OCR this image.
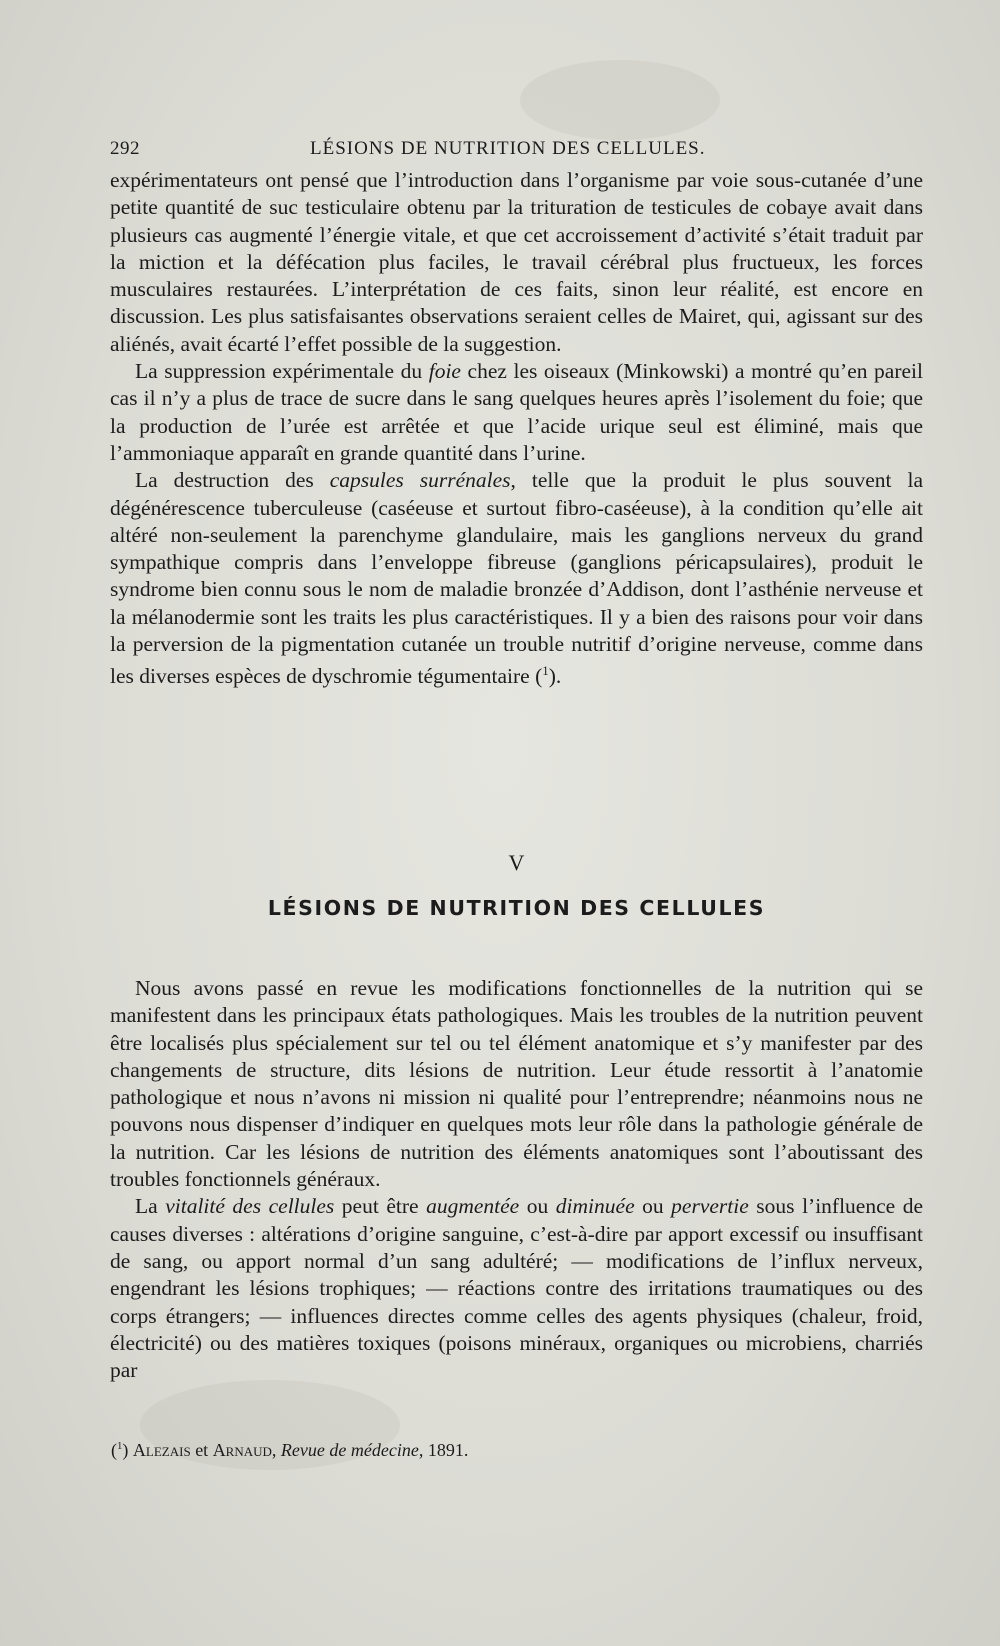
292	LÉSIONS DE NUTRITION DES CELLULES.

expérimentateurs ont pensé que l’introduction dans l’organisme par voie sous-cutanée d’une petite quantité de suc testiculaire obtenu par la trituration de testicules de cobaye avait dans plusieurs cas augmenté l’énergie vitale, et que cet accroissement d’activité s’était traduit par la miction et la défécation plus faciles, le travail cérébral plus fructueux, les forces musculaires restaurées. L’interprétation de ces faits, sinon leur réalité, est encore en discussion. Les plus satisfaisantes observations seraient celles de Mairet, qui, agissant sur des aliénés, avait écarté l’effet possible de la suggestion.

La suppression expérimentale du foie chez les oiseaux (Minkowski) a montré qu’en pareil cas il n’y a plus de trace de sucre dans le sang quelques heures après l’isolement du foie; que la production de l’urée est arrêtée et que l’acide urique seul est éliminé, mais que l’ammoniaque apparaît en grande quantité dans l’urine.

La destruction des capsules surrénales, telle que la produit le plus souvent la dégénérescence tuberculeuse (caséeuse et surtout fibro-caséeuse), à la condition qu’elle ait altéré non-seulement la parenchyme glandulaire, mais les ganglions nerveux du grand sympathique compris dans l’enveloppe fibreuse (ganglions péricapsulaires), produit le syndrome bien connu sous le nom de maladie bronzée d’Addison, dont l’asthénie nerveuse et la mélanodermie sont les traits les plus caractéristiques. Il y a bien des raisons pour voir dans la perversion de la pigmentation cutanée un trouble nutritif d’origine nerveuse, comme dans les diverses espèces de dyschromie tégumentaire ($^1$).

V
LÉSIONS DE NUTRITION DES CELLULES

Nous avons passé en revue les modifications fonctionnelles de la nutrition qui se manifestent dans les principaux états pathologiques. Mais les troubles de la nutrition peuvent être localisés plus spécialement sur tel ou tel élément anatomique et s’y manifester par des changements de structure, dits lésions de nutrition. Leur étude ressortit à l’anatomie pathologique et nous n’avons ni mission ni qualité pour l’entreprendre; néanmoins nous ne pouvons nous dispenser d’indiquer en quelques mots leur rôle dans la pathologie générale de la nutrition. Car les lésions de nutrition des éléments anatomiques sont l’aboutissant des troubles fonctionnels généraux.

La vitalité des cellules peut être augmentée ou diminuée ou pervertie sous l’influence de causes diverses : altérations d’origine sanguine, c’est-à-dire par apport excessif ou insuffisant de sang, ou apport normal d’un sang adultéré; — modifications de l’influx nerveux, engendrant les lésions trophiques; — réactions contre des irritations traumatiques ou des corps étrangers; — influences directes comme celles des agents physiques (chaleur, froid, électricité) ou des matières toxiques (poisons minéraux, organiques ou microbiens, charriés par

($^1$) Alezais et Arnaud, Revue de médecine, 1891.
